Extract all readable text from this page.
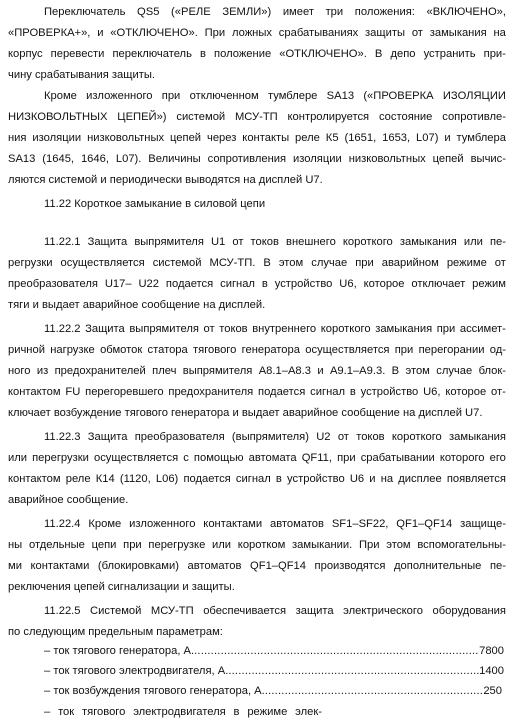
Переключатель QS5 («РЕЛЕ ЗЕМЛИ») имеет три положения: «ВКЛЮЧЕНО»,
«ПРОВЕРКА+», и «ОТКЛЮЧЕНО». При ложных срабатываниях защиты от замыкания на
корпус перевести переключатель в положение «ОТКЛЮЧЕНО». В депо устранить при-
чину срабатывания защиты.
Кроме изложенного при отключенном тумблере SA13 («ПРОВЕРКА ИЗОЛЯЦИИ
НИЗКОВОЛЬТНЫХ ЦЕПЕЙ») системой МСУ-ТП контролируется состояние сопротивле-
ния изоляции низковольтных цепей через контакты реле К5 (1651, 1653, L07) и тумблера
SA13 (1645, 1646, L07). Величины сопротивления изоляции низковольтных цепей вычис-
ляются системой и периодически выводятся на дисплей U7.
11.22 Короткое замыкание в силовой цепи
11.22.1 Защита выпрямителя U1 от токов внешнего короткого замыкания или пе-
регрузки осуществляется системой МСУ-ТП. В этом случае при аварийном режиме от
преобразователя U17– U22 подается сигнал в устройство U6, которое отключает режим
тяги и выдает аварийное сообщение на дисплей.
11.22.2 Защита выпрямителя от токов внутреннего короткого замыкания при ассимет-
ричной нагрузке обмоток статора тягового генератора осуществляется при перегорании од-
ного из предохранителей плеч выпрямителя А8.1–А8.3 и А9.1–А9.3. В этом случае блок-
контактом FU перегоревшего предохранителя подается сигнал в устройство U6, которое от-
ключает возбуждение тягового генератора и выдает аварийное сообщение на дисплей U7.
11.22.3 Защита преобразователя (выпрямителя) U2 от токов короткого замыкания
или перегрузки осуществляется с помощью автомата QF11, при срабатывании которого его
контактом реле К14 (1120, L06) подается сигнал в устройство U6 и на дисплее появляется
аварийное сообщение.
11.22.4 Кроме изложенного контактами автоматов SF1–SF22, QF1–QF14 защище-
ны отдельные цепи при перегрузке или коротком замыкании. При этом вспомогательны-
ми контактами (блокировками) автоматов QF1–QF14 производятся дополнительные пе-
реключения цепей сигнализации и защиты.
11.22.5 Системой МСУ-ТП обеспечивается защита электрического оборудования
по следующим предельным параметрам:
– ток тягового генератора, А. .....	7800
– ток тягового электродвигателя, А. .....	1400
– ток возбуждения тягового генератора, А. .....	250
– ток тягового электродвигателя в режиме элек-
